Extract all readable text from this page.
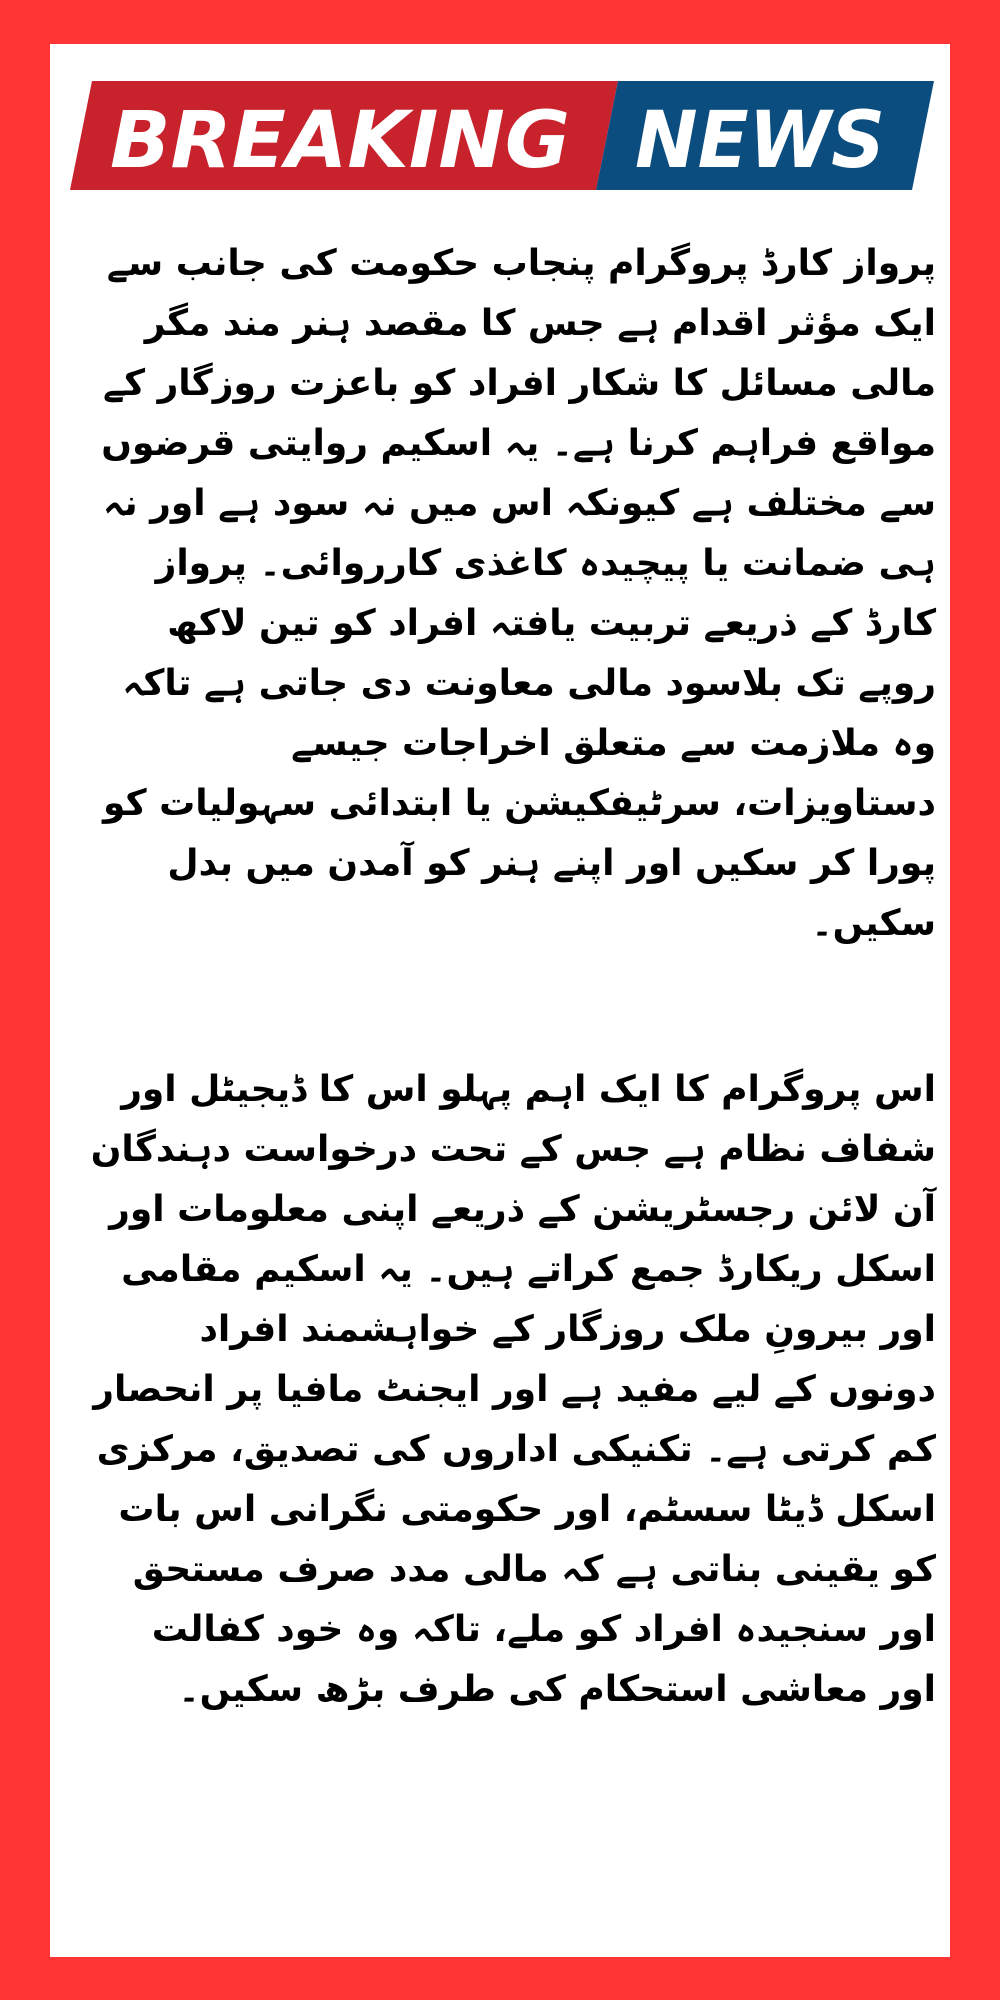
BREAKING NEWS

پرواز کارڈ پروگرام پنجاب حکومت کی جانب سے ایک مؤثر اقدام ہے جس کا مقصد ہنر مند مگر مالی مسائل کا شکار افراد کو باعزت روزگار کے مواقع فراہم کرنا ہے۔ یہ اسکیم روایتی قرضوں سے مختلف ہے کیونکہ اس میں نہ سود ہے اور نہ ہی ضمانت یا پیچیدہ کاغذی کارروائی۔ پرواز کارڈ کے ذریعے تربیت یافتہ افراد کو تین لاکھ روپے تک بلاسود مالی معاونت دی جاتی ہے تاکہ وہ ملازمت سے متعلق اخراجات جیسے دستاویزات، سرٹیفکیشن یا ابتدائی سہولیات کو پورا کر سکیں اور اپنے ہنر کو آمدن میں بدل سکیں۔

اس پروگرام کا ایک اہم پہلو اس کا ڈیجیٹل اور شفاف نظام ہے جس کے تحت درخواست دہندگان آن لائن رجسٹریشن کے ذریعے اپنی معلومات اور اسکل ریکارڈ جمع کراتے ہیں۔ یہ اسکیم مقامی اور بیرونِ ملک روزگار کے خواہشمند افراد دونوں کے لیے مفید ہے اور ایجنٹ مافیا پر انحصار کم کرتی ہے۔ تکنیکی اداروں کی تصدیق، مرکزی اسکل ڈیٹا سسٹم، اور حکومتی نگرانی اس بات کو یقینی بناتی ہے کہ مالی مدد صرف مستحق اور سنجیدہ افراد کو ملے، تاکہ وہ خود کفالت اور معاشی استحکام کی طرف بڑھ سکیں۔
